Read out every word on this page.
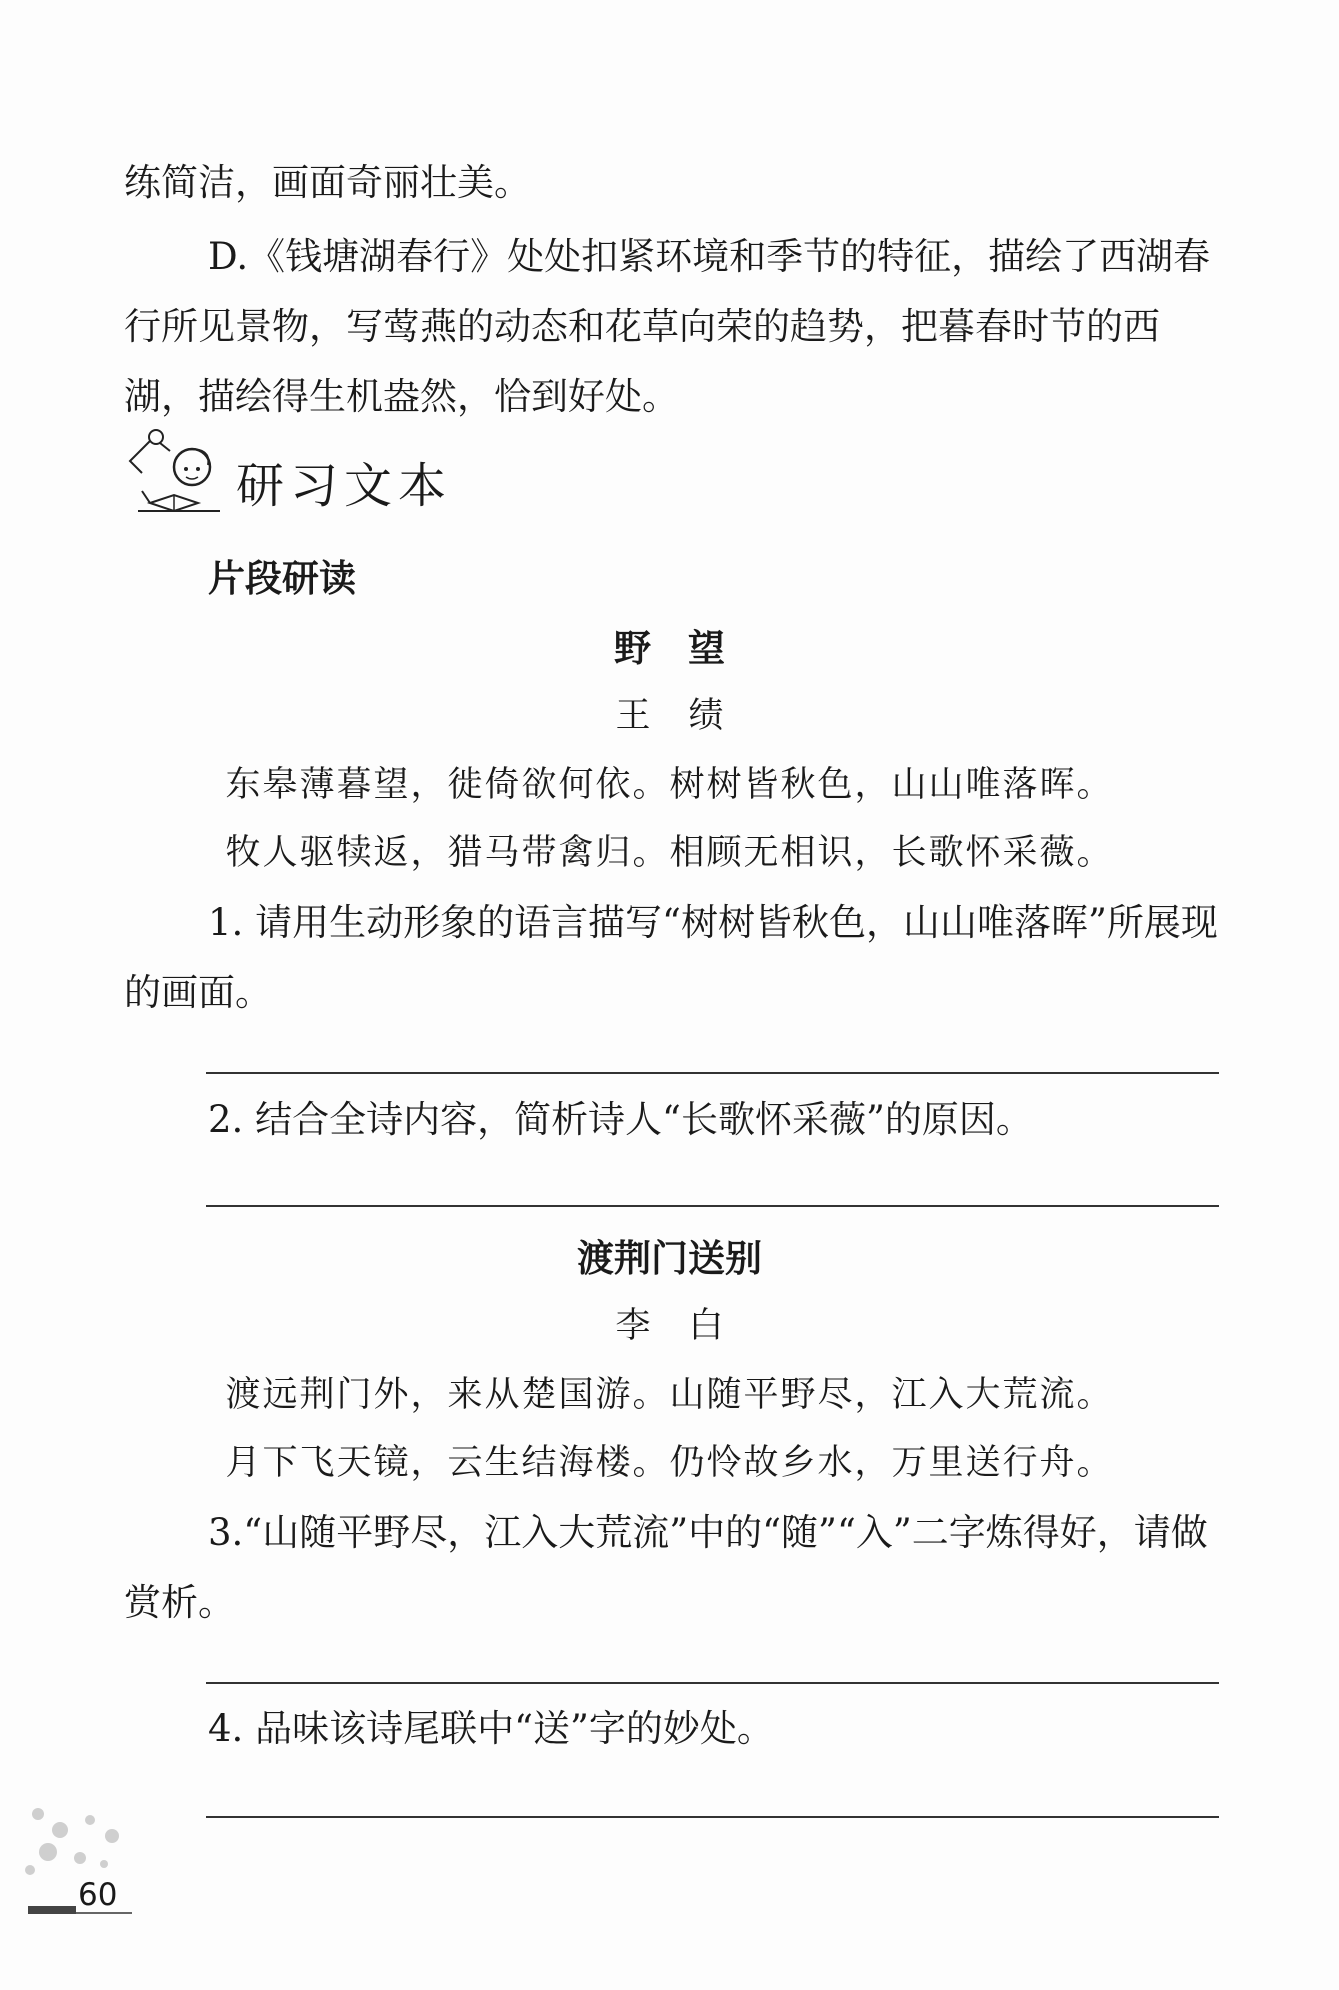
练简洁，画面奇丽壮美。

D.《钱塘湖春行》处处扣紧环境和季节的特征，描绘了西湖春行所见景物，写莺燕的动态和花草向荣的趋势，把暮春时节的西湖，描绘得生机盎然，恰到好处。

研习文本
片段研读
野　望
王绩
东皋薄暮望，徙倚欲何依。树树皆秋色，山山唯落晖。
牧人驱犊返，猎马带禽归。相顾无相识，长歌怀采薇。

1. 请用生动形象的语言描写“树树皆秋色，山山唯落晖”所展现的画面。

2. 结合全诗内容，简析诗人“长歌怀采薇”的原因。

渡荆门送别
李白
渡远荆门外，来从楚国游。山随平野尽，江入大荒流。
月下飞天镜，云生结海楼。仍怜故乡水，万里送行舟。

3.“山随平野尽，江入大荒流”中的“随”“入”二字炼得好，请做赏析。

4. 品味该诗尾联中“送”字的妙处。

60
